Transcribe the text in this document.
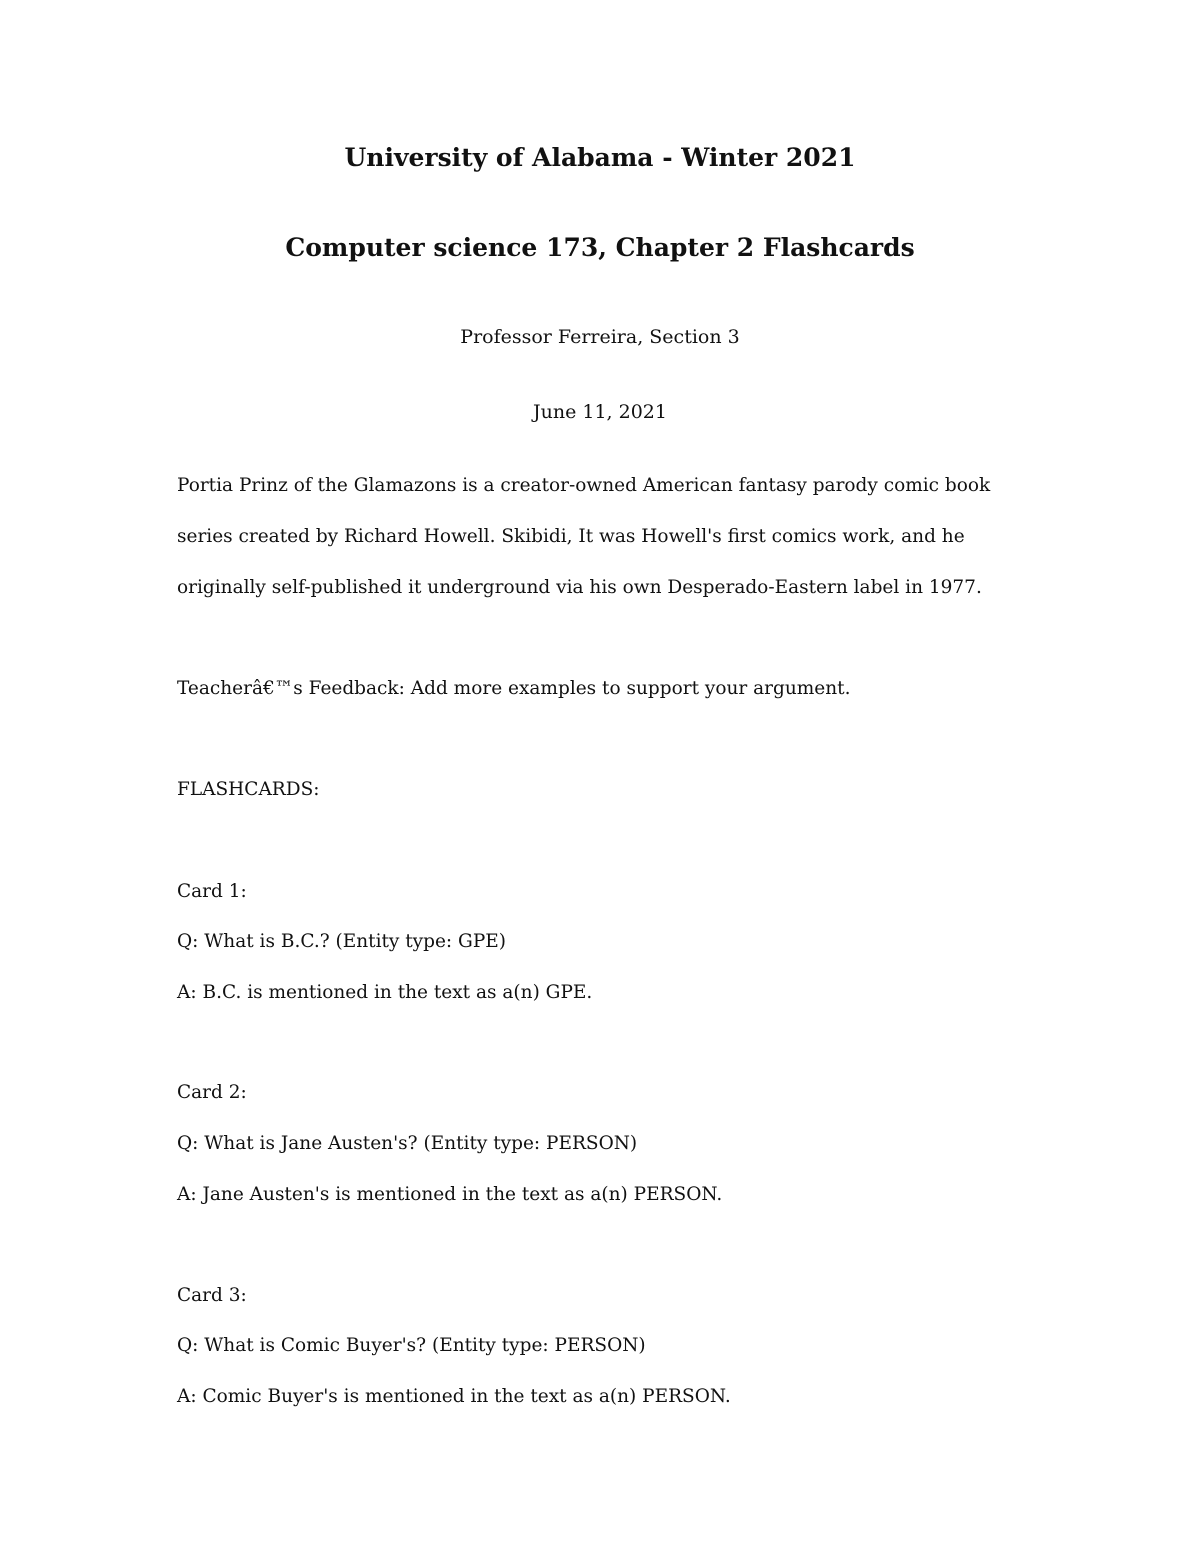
University of Alabama - Winter 2021
Computer science 173, Chapter 2 Flashcards
Professor Ferreira, Section 3
June 11, 2021
Portia Prinz of the Glamazons is a creator-owned American fantasy parody comic book
series created by Richard Howell. Skibidi, It was Howell's first comics work, and he
originally self-published it underground via his own Desperado-Eastern label in 1977.
Teacherâ€™s Feedback: Add more examples to support your argument.
FLASHCARDS:
Card 1:
Q: What is B.C.? (Entity type: GPE)
A: B.C. is mentioned in the text as a(n) GPE.
Card 2:
Q: What is Jane Austen's? (Entity type: PERSON)
A: Jane Austen's is mentioned in the text as a(n) PERSON.
Card 3:
Q: What is Comic Buyer's? (Entity type: PERSON)
A: Comic Buyer's is mentioned in the text as a(n) PERSON.
